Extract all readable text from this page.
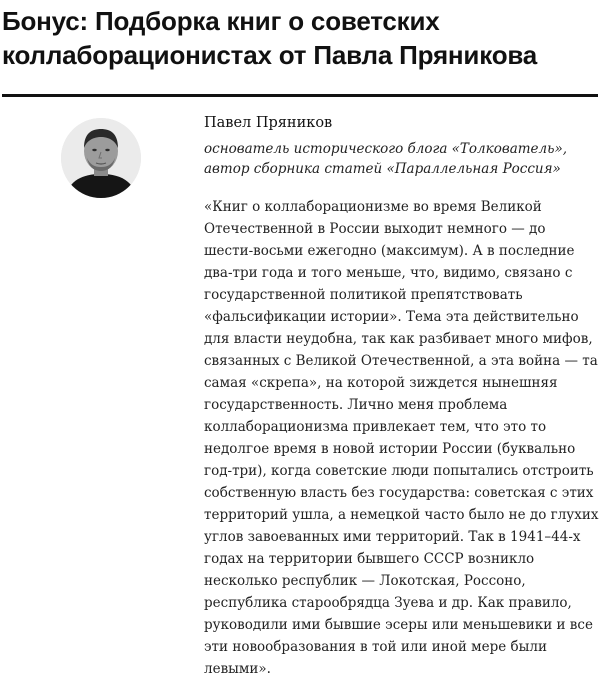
Бонус: Подборка книг о советских
коллаборационистах от Павла Пряникова
Павел Пряников
основатель исторического блога «Толкователь»,
автор сборника статей «Параллельная Россия»
«Книг о коллаборационизме во время Великой
Отечественной в России выходит немного — до
шести-восьми ежегодно (максимум). А в последние
два-три года и того меньше, что, видимо, связано с
государственной политикой препятствовать
«фальсификации истории». Тема эта действительно
для власти неудобна, так как разбивает много мифов,
связанных с Великой Отечественной, а эта война — та
самая «скрепа», на которой зиждется нынешняя
государственность. Лично меня проблема
коллаборационизма привлекает тем, что это то
недолгое время в новой истории России (буквально
год-три), когда советские люди попытались отстроить
собственную власть без государства: советская с этих
территорий ушла, а немецкой часто было не до глухих
углов завоеванных ими территорий. Так в 1941–44-х
годах на территории бывшего СССР возникло
несколько республик — Локотская, Россоно,
республика старообрядца Зуева и др. Как правило,
руководили ими бывшие эсеры или меньшевики и все
эти новообразования в той или иной мере были
левыми».
